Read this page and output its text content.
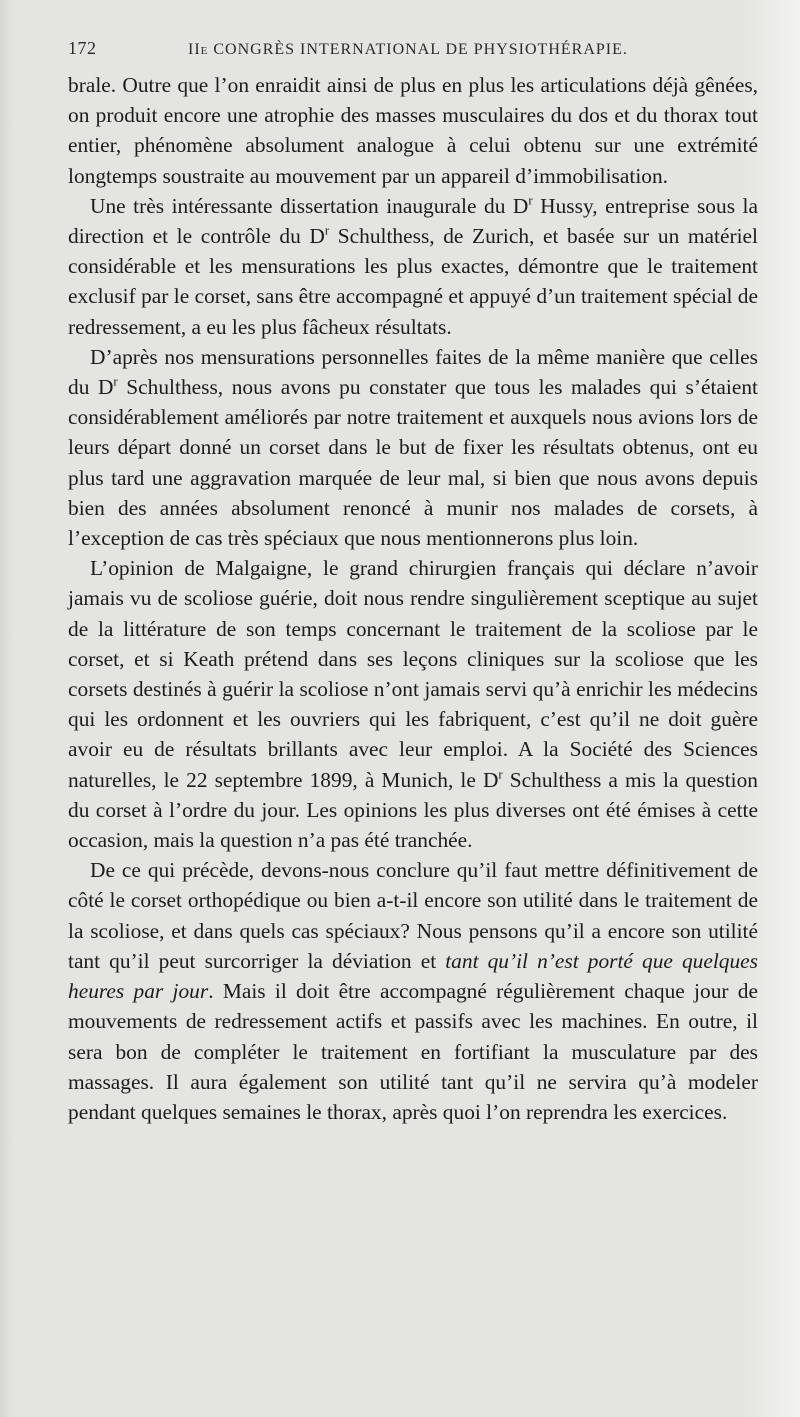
172	IIe CONGRÈS INTERNATIONAL DE PHYSIOTHÉRAPIE.

brale. Outre que l’on enraidit ainsi de plus en plus les articulations déjà gênées, on produit encore une atrophie des masses musculaires du dos et du thorax tout entier, phénomène absolument analogue à celui obtenu sur une extrémité longtemps soustraite au mouvement par un appareil d’immobilisation.

Une très intéressante dissertation inaugurale du $D^r$ Hussy, entreprise sous la direction et le contrôle du $D^r$ Schulthess, de Zurich, et basée sur un matériel considérable et les mensurations les plus exactes, démontre que le traitement exclusif par le corset, sans être accompagné et appuyé d’un traitement spécial de redressement, a eu les plus fâcheux résultats.

D’après nos mensurations personnelles faites de la même manière que celles du $D^r$ Schulthess, nous avons pu constater que tous les malades qui s’étaient considérablement améliorés par notre traitement et auxquels nous avions lors de leurs départ donné un corset dans le but de fixer les résultats obtenus, ont eu plus tard une aggravation marquée de leur mal, si bien que nous avons depuis bien des années absolument renoncé à munir nos malades de corsets, à l’exception de cas très spéciaux que nous mentionnerons plus loin.

L’opinion de Malgaigne, le grand chirurgien français qui déclare n’avoir jamais vu de scoliose guérie, doit nous rendre singulièrement sceptique au sujet de la littérature de son temps concernant le traitement de la scoliose par le corset, et si Keath prétend dans ses leçons cliniques sur la scoliose que les corsets destinés à guérir la scoliose n’ont jamais servi qu’à enrichir les médecins qui les ordonnent et les ouvriers qui les fabriquent, c’est qu’il ne doit guère avoir eu de résultats brillants avec leur emploi. A la Société des Sciences naturelles, le 22 septembre 1899, à Munich, le $D^r$ Schulthess a mis la question du corset à l’ordre du jour. Les opinions les plus diverses ont été émises à cette occasion, mais la question n’a pas été tranchée.

De ce qui précède, devons-nous conclure qu’il faut mettre définitivement de côté le corset orthopédique ou bien a-t-il encore son utilité dans le traitement de la scoliose, et dans quels cas spéciaux? Nous pensons qu’il a encore son utilité tant qu’il peut surcorriger la déviation et tant qu’il n’est porté que quelques heures par jour. Mais il doit être accompagné régulièrement chaque jour de mouvements de redressement actifs et passifs avec les machines. En outre, il sera bon de compléter le traitement en fortifiant la musculature par des massages. Il aura également son utilité tant qu’il ne servira qu’à modeler pendant quelques semaines le thorax, après quoi l’on reprendra les exercices.
